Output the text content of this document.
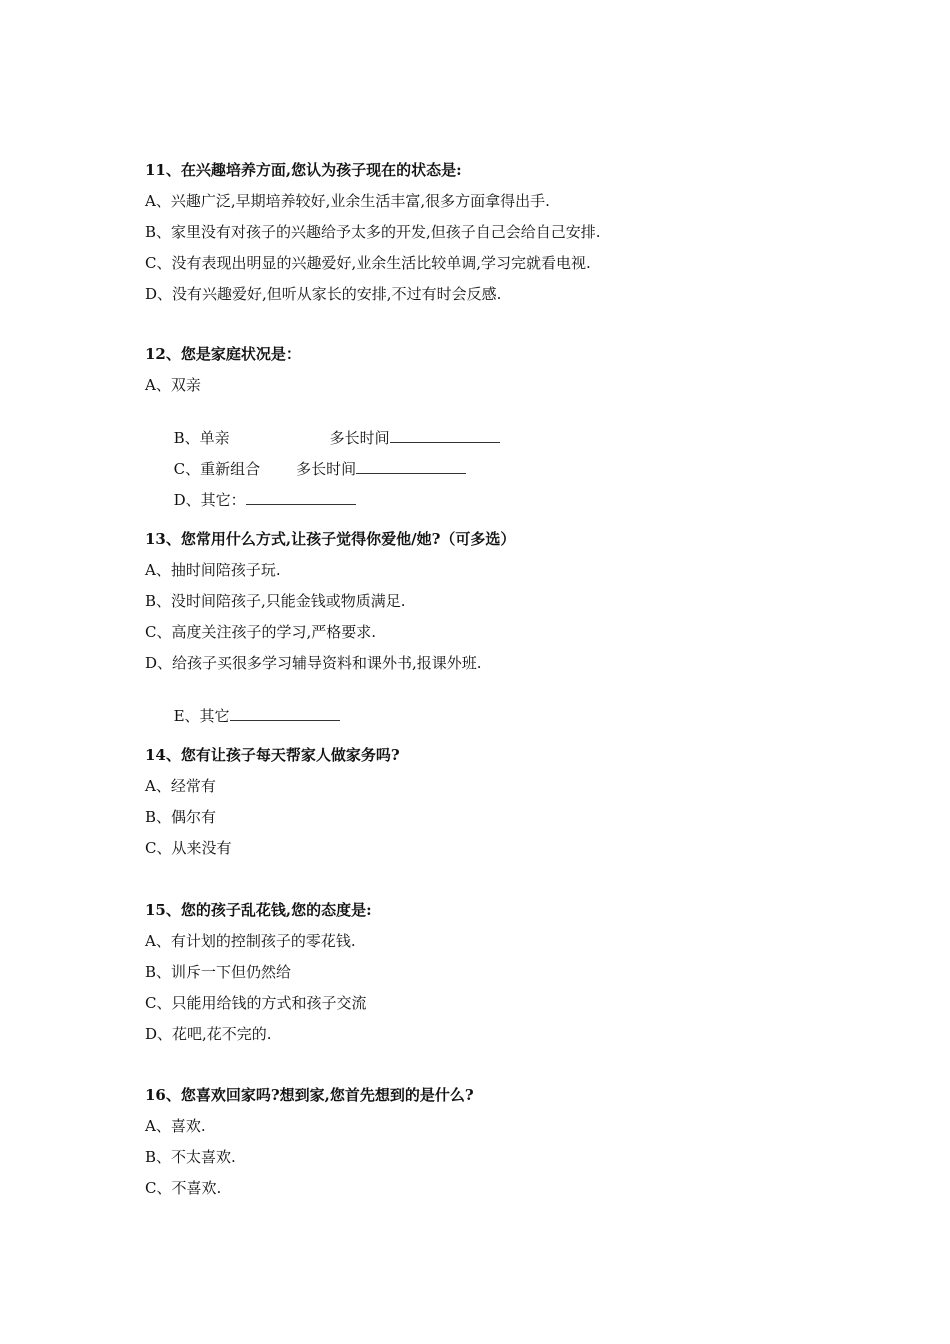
11、在兴趣培养方面,您认为孩子现在的状态是:
A、兴趣广泛,早期培养较好,业余生活丰富,很多方面拿得出手.
B、家里没有对孩子的兴趣给予太多的开发,但孩子自己会给自己安排.
C、没有表现出明显的兴趣爱好,业余生活比较单调,学习完就看电视.
D、没有兴趣爱好,但听从家长的安排,不过有时会反感.
12、您是家庭状况是：
A、双亲

B、单亲	多长时间

C、重新组合 多长时间

D、其它：

13、您常用什么方式,让孩子觉得你爱他/她?（可多选）
A、抽时间陪孩子玩.
B、没时间陪孩子,只能金钱或物质满足.
C、高度关注孩子的学习,严格要求.
D、给孩子买很多学习辅导资料和课外书,报课外班.

E、其它

14、您有让孩子每天帮家人做家务吗?
A、经常有
B、偶尔有
C、从来没有
15、您的孩子乱花钱,您的态度是:
A、有计划的控制孩子的零花钱.
B、训斥一下但仍然给
C、只能用给钱的方式和孩子交流
D、花吧,花不完的.
16、您喜欢回家吗?想到家,您首先想到的是什么?
A、喜欢.
B、不太喜欢.
C、不喜欢.
